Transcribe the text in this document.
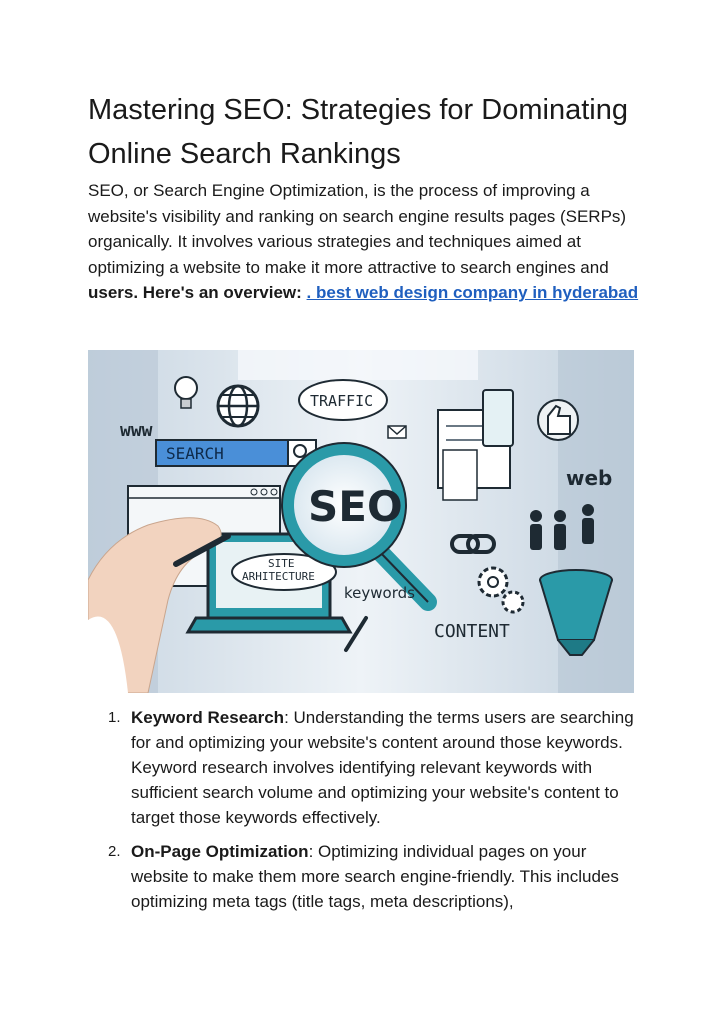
Mastering SEO: Strategies for Dominating Online Search Rankings

SEO, or Search Engine Optimization, is the process of improving a website's visibility and ranking on search engine results pages (SERPs) organically. It involves various strategies and techniques aimed at optimizing a website to make it more attractive to search engines and users. Here's an overview: . best web design company in hyderabad

www
SEARCH
TRAFFIC
web
SITE
ARHITECTURE
SEO
keywords
CONTENT
1. Keyword Research: Understanding the terms users are searching for and optimizing your website's content around those keywords. Keyword research involves identifying relevant keywords with sufficient search volume and optimizing your website's content to target those keywords effectively.
2. On-Page Optimization: Optimizing individual pages on your website to make them more search engine-friendly. This includes optimizing meta tags (title tags, meta descriptions),
